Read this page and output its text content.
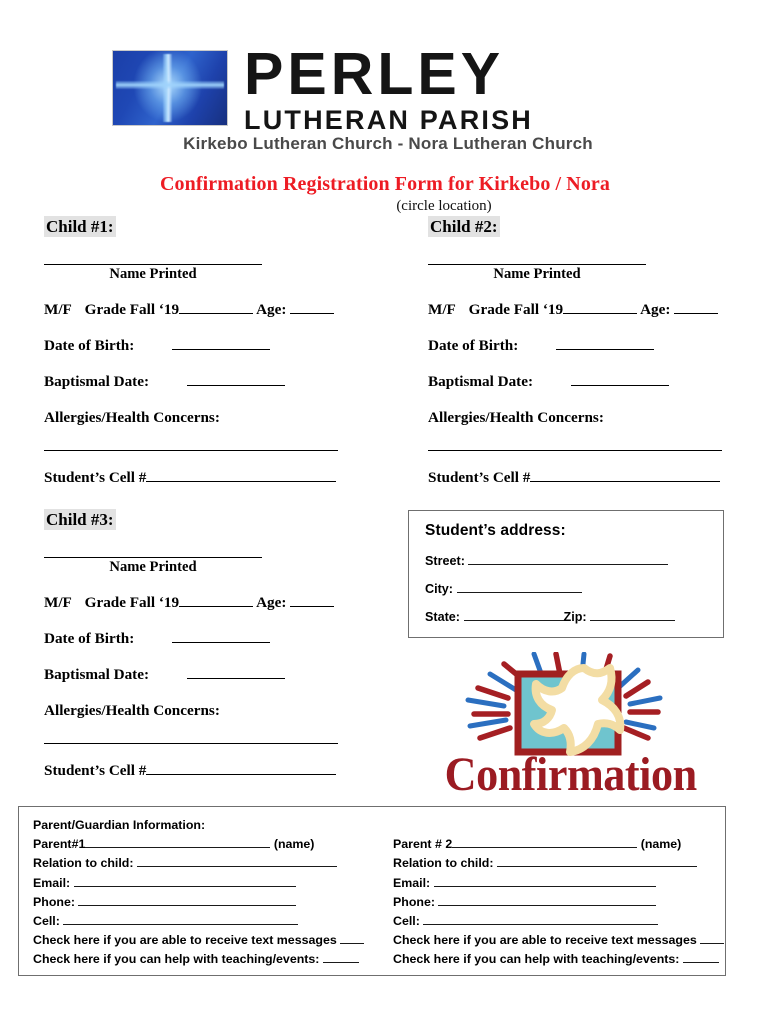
PERLEY
LUTHERAN PARISH
Kirkebo Lutheran Church - Nora Lutheran Church
Confirmation Registration Form for Kirkebo / Nora
(circle location)
Child #1:
Name Printed
M/F Grade Fall ‘19	Age:
Date of Birth:
Baptismal Date:
Allergies/Health Concerns:
Student’s Cell #
Child #2:
Name Printed
M/F Grade Fall ‘19	Age:
Date of Birth:
Baptismal Date:
Allergies/Health Concerns:
Student’s Cell #
Child #3:
Name Printed
M/F Grade Fall ‘19	Age:
Date of Birth:
Baptismal Date:
Allergies/Health Concerns:
Student’s Cell #
Student’s address:
Street:
City:
State:	Zip:
Confirmation
Parent/Guardian Information:
Parent#1	(name)
Relation to child:
Email:
Phone:
Cell:
Check here if you are able to receive text messages
Check here if you can help with teaching/events:
Parent # 2	(name)
Relation to child:
Email:
Phone:
Cell:
Check here if you are able to receive text messages
Check here if you can help with teaching/events:
